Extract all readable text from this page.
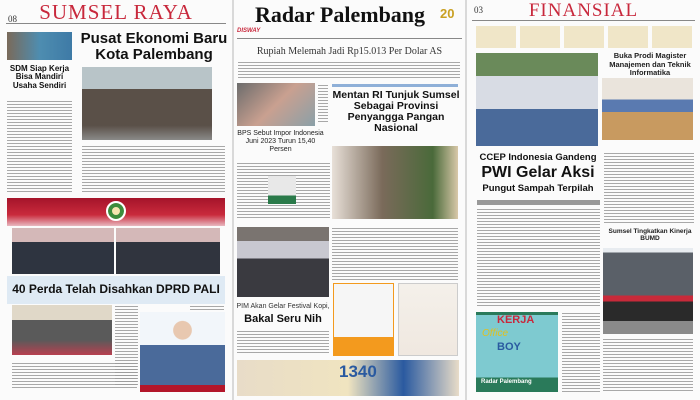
08	SUMSEL RAYA
SDM Siap Kerja Bisa Mandiri Usaha Sendiri
Pusat Ekonomi Baru Kota Palembang
40 Perda Telah Disahkan DPRD PALI
Radar Palembang	20
DISWAY
Rupiah Melemah Jadi Rp15.013 Per Dolar AS
BPS Sebut Impor Indonesia Juni 2023 Turun 15,40 Persen
Mentan RI Tunjuk Sumsel Sebagai Provinsi Penyangga Pangan Nasional
PIM Akan Gelar Festival Kopi,
Bakal Seru Nih
1340
03	FINANSIAL
Buka Prodi Magister Manajemen dan Teknik Informatika
CCEP Indonesia Gandeng
PWI Gelar Aksi
Pungut Sampah Terpilah
Sumsel Tingkatkan Kinerja BUMD
KERJA
Office
BOY
Radar Palembang
